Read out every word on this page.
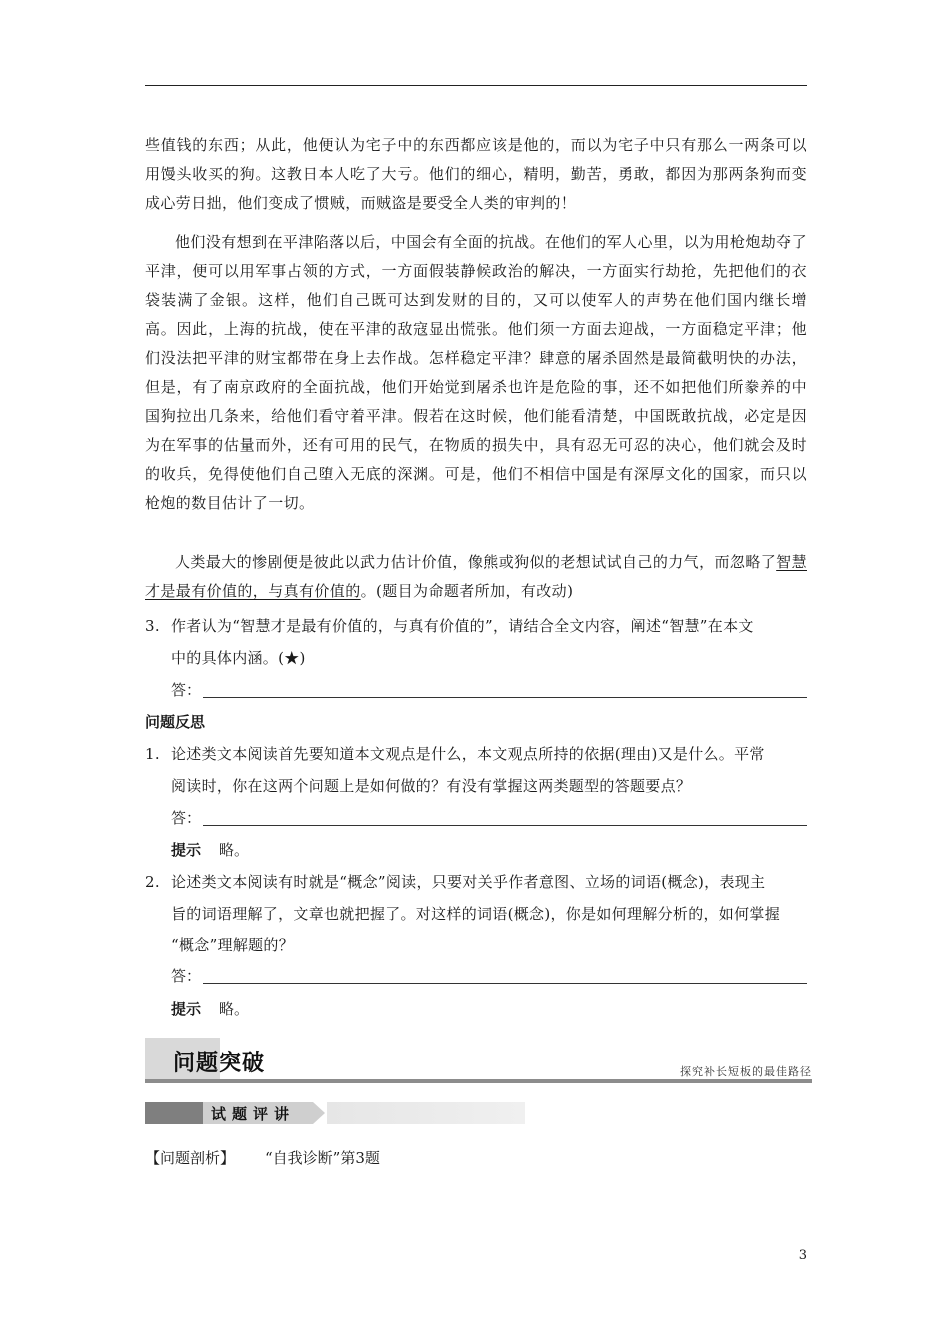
些值钱的东西；从此，他便认为宅子中的东西都应该是他的，而以为宅子中只有那么一两条可以用馒头收买的狗。这教日本人吃了大亏。他们的细心，精明，勤苦，勇敢，都因为那两条狗而变成心劳日拙，他们变成了惯贼，而贼盗是要受全人类的审判的！

他们没有想到在平津陷落以后，中国会有全面的抗战。在他们的军人心里，以为用枪炮劫夺了平津，便可以用军事占领的方式，一方面假装静候政治的解决，一方面实行劫抢，先把他们的衣袋装满了金银。这样，他们自己既可达到发财的目的，又可以使军人的声势在他们国内继长增高。因此，上海的抗战，使在平津的敌寇显出慌张。他们须一方面去迎战，一方面稳定平津；他们没法把平津的财宝都带在身上去作战。怎样稳定平津？肆意的屠杀固然是最简截明快的办法，但是，有了南京政府的全面抗战，他们开始觉到屠杀也许是危险的事，还不如把他们所豢养的中国狗拉出几条来，给他们看守着平津。假若在这时候，他们能看清楚，中国既敢抗战，必定是因为在军事的估量而外，还有可用的民气，在物质的损失中，具有忍无可忍的决心，他们就会及时的收兵，免得使他们自己堕入无底的深渊。可是，他们不相信中国是有深厚文化的国家，而只以枪炮的数目估计了一切。

人类最大的惨剧便是彼此以武力估计价值，像熊或狗似的老想试试自己的力气，而忽略了智慧才是最有价值的，与真有价值的。(题目为命题者所加，有改动)

3. 作者认为“智慧才是最有价值的，与真有价值的”，请结合全文内容，阐述“智慧”在本文
中的具体内涵。(★)
答：
问题反思
1. 论述类文本阅读首先要知道本文观点是什么，本文观点所持的依据(理由)又是什么。平常
阅读时，你在这两个问题上是如何做的？有没有掌握这两类题型的答题要点？
答：
提示 略。
2. 论述类文本阅读有时就是“概念”阅读，只要对关乎作者意图、立场的词语(概念)，表现主
旨的词语理解了，文章也就把握了。对这样的词语(概念)，你是如何理解分析的，如何掌握
“概念”理解题的？
答：
提示 略。
问题突破	探究补长短板的最佳路径
试题评讲
【问题剖析】 “自我诊断”第3题
3
